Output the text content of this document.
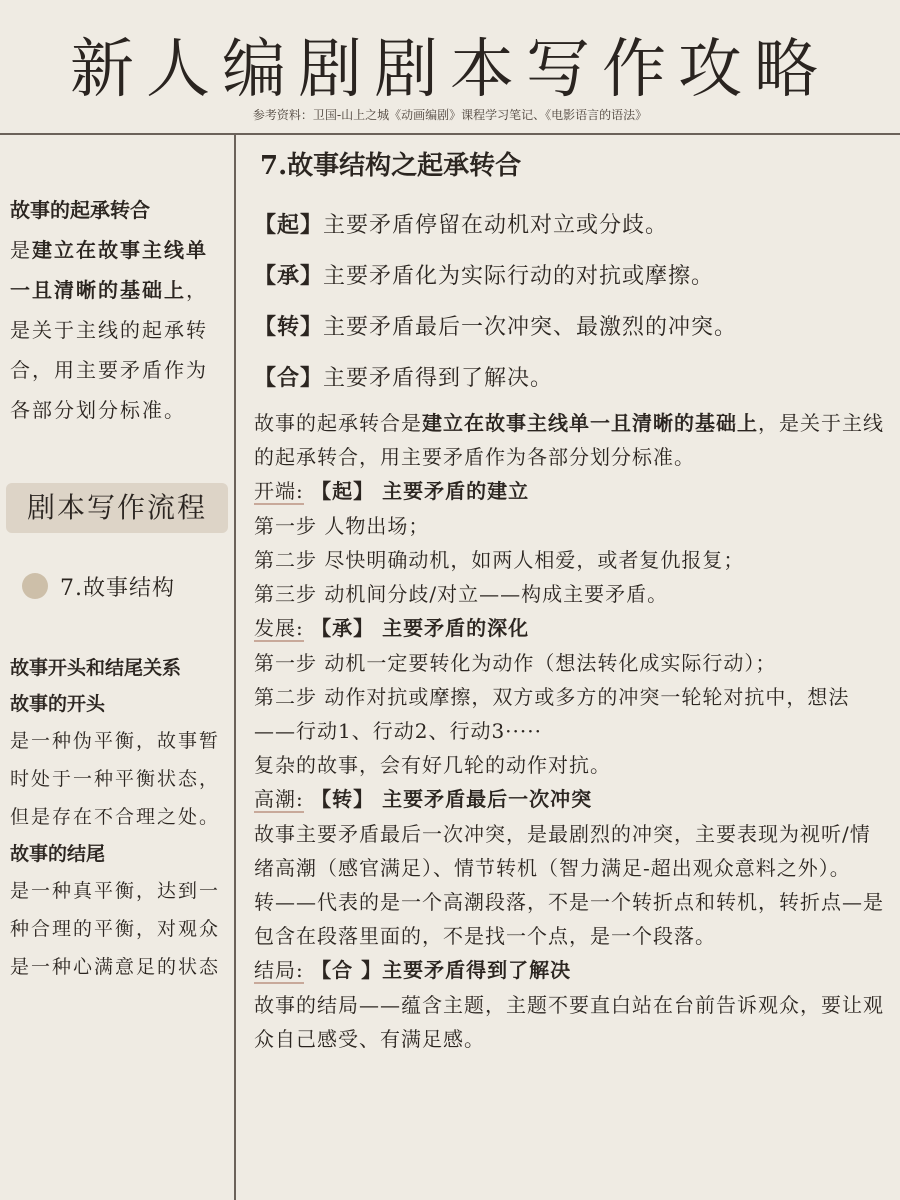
新人编剧剧本写作攻略
参考资料：卫国-山上之城《动画编剧》课程学习笔记、《电影语言的语法》
故事的起承转合
是建立在故事主线单一且清晰的基础上，是关于主线的起承转合，用主要矛盾作为各部分划分标准。
剧本写作流程
7.故事结构
故事开头和结尾关系
故事的开头
是一种伪平衡，故事暂时处于一种平衡状态，但是存在不合理之处。
故事的结尾
是一种真平衡，达到一种合理的平衡，对观众是一种心满意足的状态
7.故事结构之起承转合
【起】主要矛盾停留在动机对立或分歧。
【承】主要矛盾化为实际行动的对抗或摩擦。
【转】主要矛盾最后一次冲突、最激烈的冲突。
【合】主要矛盾得到了解决。
故事的起承转合是建立在故事主线单一且清晰的基础上，是关于主线的起承转合，用主要矛盾作为各部分划分标准。
开端: 【起】 主要矛盾的建立
第一步 人物出场；
第二步 尽快明确动机，如两人相爱，或者复仇报复；
第三步 动机间分歧/对立——构成主要矛盾。
发展: 【承】 主要矛盾的深化
第一步 动机一定要转化为动作（想法转化成实际行动）；
第二步 动作对抗或摩擦，双方或多方的冲突一轮轮对抗中，想法——行动1、行动2、行动3·····
复杂的故事，会有好几轮的动作对抗。
高潮: 【转】 主要矛盾最后一次冲突
故事主要矛盾最后一次冲突，是最剧烈的冲突，主要表现为视听/情绪高潮（感官满足）、情节转机（智力满足-超出观众意料之外）。
转——代表的是一个高潮段落，不是一个转折点和转机，转折点—是包含在段落里面的，不是找一个点，是一个段落。
结局: 【合 】主要矛盾得到了解决
故事的结局——蕴含主题，主题不要直白站在台前告诉观众，要让观众自己感受、有满足感。
